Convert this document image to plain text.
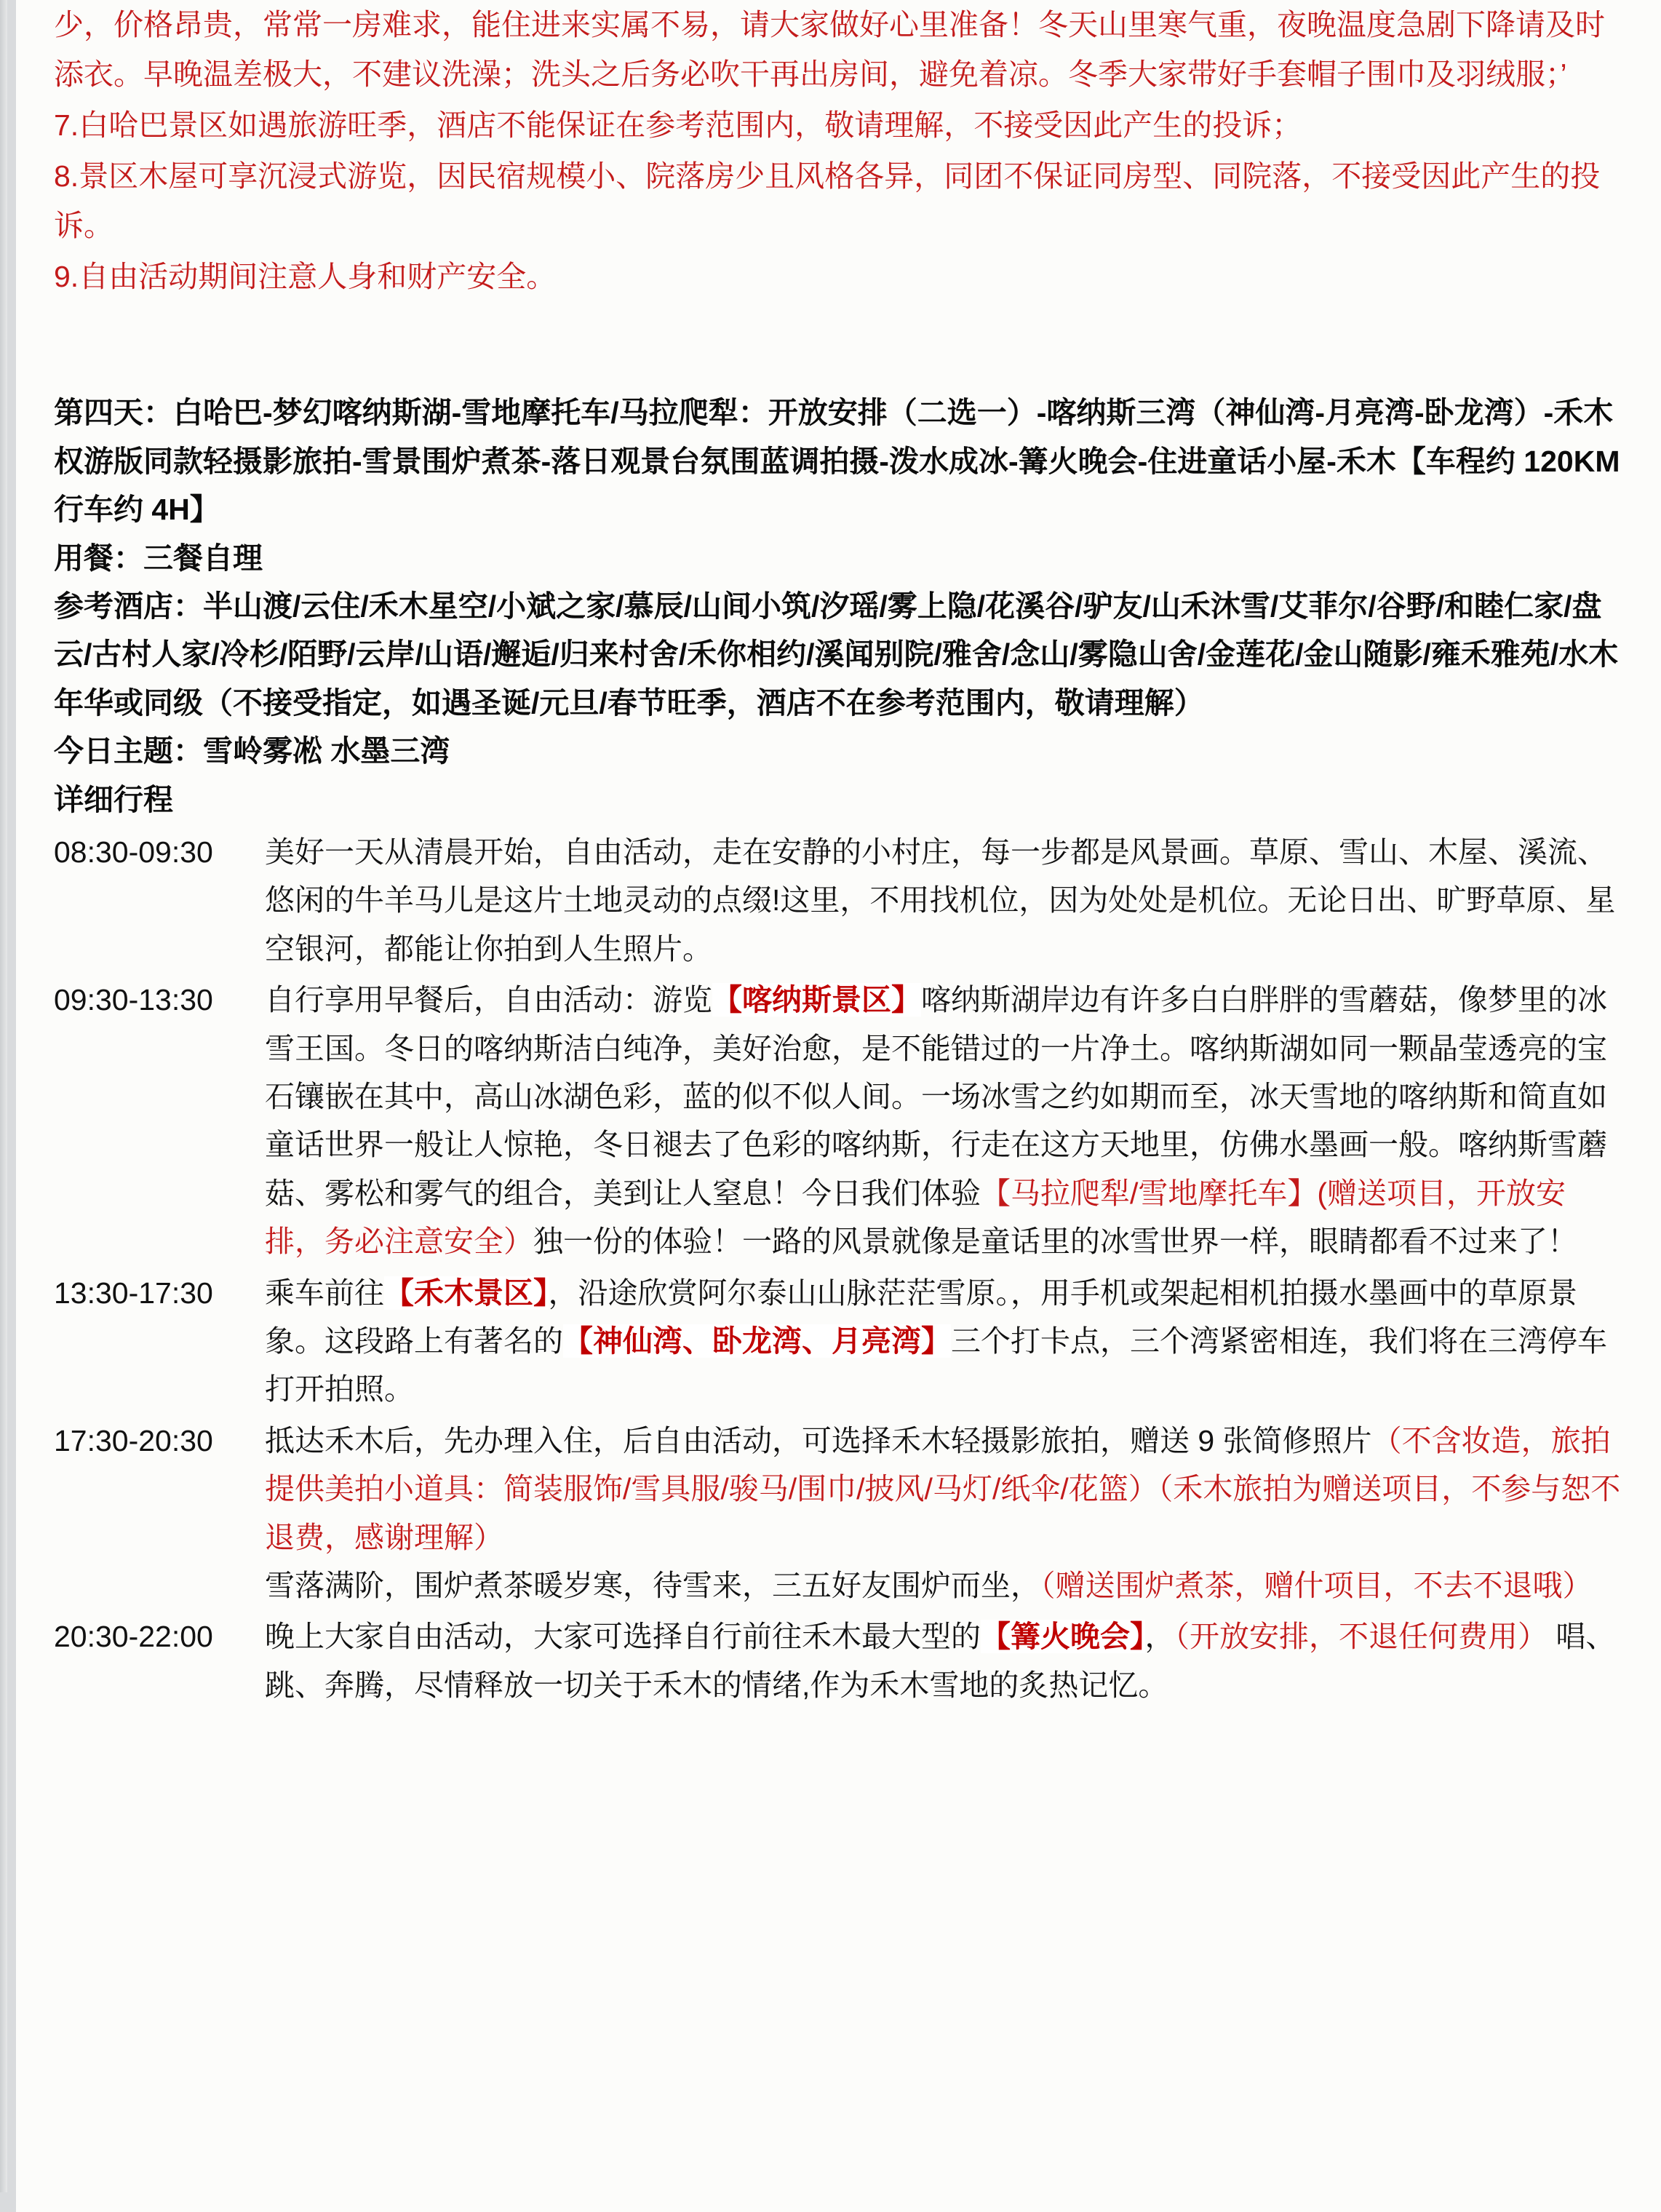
少，价格昂贵，常常一房难求，能住进来实属不易，请大家做好心里准备！冬天山里寒气重，夜晚温度急剧下降请及时添衣。早晚温差极大，不建议洗澡；洗头之后务必吹干再出房间，避免着凉。冬季大家带好手套帽子围巾及羽绒服；’

7.白哈巴景区如遇旅游旺季，酒店不能保证在参考范围内，敬请理解，不接受因此产生的投诉；

8.景区木屋可享沉浸式游览，因民宿规模小、院落房少且风格各异，同团不保证同房型、同院落，不接受因此产生的投诉。

9.自由活动期间注意人身和财产安全。

第四天：白哈巴-梦幻喀纳斯湖-雪地摩托车/马拉爬犁：开放安排（二选一）-喀纳斯三湾（神仙湾-月亮湾-卧龙湾）-禾木权游版同款轻摄影旅拍-雪景围炉煮茶-落日观景台氛围蓝调拍摄-泼水成冰-篝火晚会-住进童话小屋-禾木【车程约 120KM　行车约 4H】

用餐：三餐自理

参考酒店：半山渡/云住/禾木星空/小斌之家/慕辰/山间小筑/汐瑶/雾上隐/花溪谷/驴友/山禾沐雪/艾菲尔/谷野/和睦仁家/盘云/古村人家/冷杉/陌野/云岸/山语/邂逅/归来村舍/禾你相约/溪闻别院/雅舍/念山/雾隐山舍/金莲花/金山随影/雍禾雅苑/水木年华或同级（不接受指定，如遇圣诞/元旦/春节旺季，酒店不在参考范围内，敬请理解）

今日主题：雪岭雾凇 水墨三湾

详细行程

08:30-09:30	美好一天从清晨开始，自由活动，走在安静的小村庄，每一步都是风景画。草原、雪山、木屋、溪流、悠闲的牛羊马儿是这片土地灵动的点缀!这里，不用找机位，因为处处是机位。无论日出、旷野草原、星空银河，都能让你拍到人生照片。
09:30-13:30	自行享用早餐后，自由活动：游览【喀纳斯景区】喀纳斯湖岸边有许多白白胖胖的雪蘑菇，像梦里的冰雪王国。冬日的喀纳斯洁白纯净，美好治愈，是不能错过的一片净土。喀纳斯湖如同一颗晶莹透亮的宝石镶嵌在其中，高山冰湖色彩，蓝的似不似人间。一场冰雪之约如期而至，冰天雪地的喀纳斯和简直如童话世界一般让人惊艳，冬日褪去了色彩的喀纳斯，行走在这方天地里，仿佛水墨画一般。喀纳斯雪蘑菇、雾松和雾气的组合，美到让人窒息！今日我们体验【马拉爬犁/雪地摩托车】(赠送项目，开放安排，务必注意安全）独一份的体验！一路的风景就像是童话里的冰雪世界一样，眼睛都看不过来了！
13:30-17:30	乘车前往【禾木景区】，沿途欣赏阿尔泰山山脉茫茫雪原。，用手机或架起相机拍摄水墨画中的草原景象。这段路上有著名的【神仙湾、卧龙湾、月亮湾】三个打卡点，三个湾紧密相连，我们将在三湾停车打开拍照。
17:30-20:30	抵达禾木后，先办理入住，后自由活动，可选择禾木轻摄影旅拍，赠送 9 张简修照片（不含妆造，旅拍提供美拍小道具：简装服饰/雪具服/骏马/围巾/披风/马灯/纸伞/花篮）（禾木旅拍为赠送项目，不参与恕不退费，感谢理解）
雪落满阶，围炉煮茶暖岁寒，待雪来，三五好友围炉而坐，（赠送围炉煮茶，赠什项目，不去不退哦）
20:30-22:00	晚上大家自由活动，大家可选择自行前往禾木最大型的【篝火晚会】，（开放安排，不退任何费用） 唱、跳、奔腾，尽情释放一切关于禾木的情绪,作为禾木雪地的炙热记忆。
